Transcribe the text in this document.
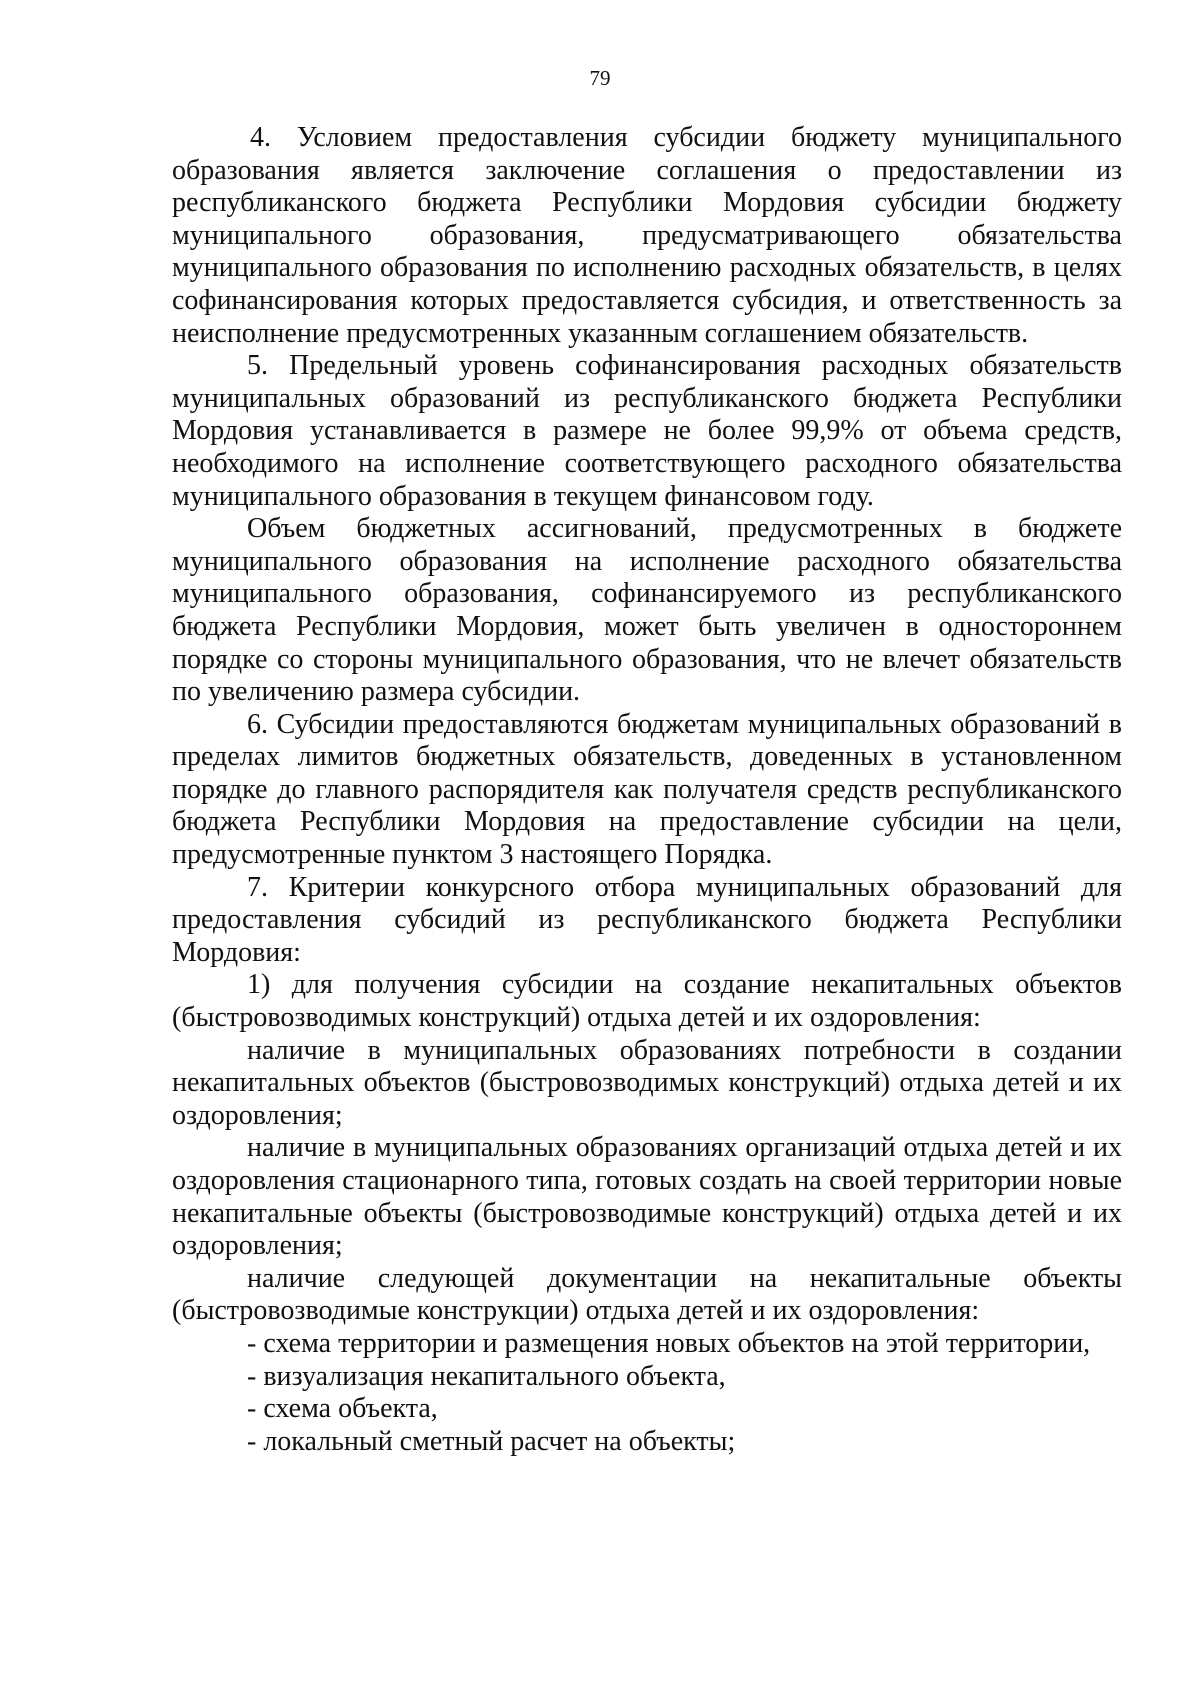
79

4. Условием предоставления субсидии бюджету муниципального образования является заключение соглашения о предоставлении из республиканского бюджета Республики Мордовия субсидии бюджету муниципального образования, предусматривающего обязательства муниципального образования по исполнению расходных обязательств, в целях софинансирования которых предоставляется субсидия, и ответственность за неисполнение предусмотренных указанным соглашением обязательств.

5. Предельный уровень софинансирования расходных обязательств муниципальных образований из республиканского бюджета Республики Мордовия устанавливается в размере не более 99,9% от объема средств, необходимого на исполнение соответствующего расходного обязательства муниципального образования в текущем финансовом году.

Объем бюджетных ассигнований, предусмотренных в бюджете муниципального образования на исполнение расходного обязательства муниципального образования, софинансируемого из республиканского бюджета Республики Мордовия, может быть увеличен в одностороннем порядке со стороны муниципального образования, что не влечет обязательств по увеличению размера субсидии.

6. Субсидии предоставляются бюджетам муниципальных образований в пределах лимитов бюджетных обязательств, доведенных в установленном порядке до главного распорядителя как получателя средств республиканского бюджета Республики Мордовия на предоставление субсидии на цели, предусмотренные пунктом 3 настоящего Порядка.

7. Критерии конкурсного отбора муниципальных образований для предоставления субсидий из республиканского бюджета Республики Мордовия:

1) для получения субсидии на создание некапитальных объектов (быстровозводимых конструкций) отдыха детей и их оздоровления:

наличие в муниципальных образованиях потребности в создании некапитальных объектов (быстровозводимых конструкций) отдыха детей и их оздоровления;

наличие в муниципальных образованиях организаций отдыха детей и их оздоровления стационарного типа, готовых создать на своей территории новые некапитальные объекты (быстровозводимые конструкций) отдыха детей и их оздоровления;

наличие следующей документации на некапитальные объекты (быстровозводимые конструкции) отдыха детей и их оздоровления:

- схема территории и размещения новых объектов на этой территории,

- визуализация некапитального объекта,

- схема объекта,

- локальный сметный расчет на объекты;
